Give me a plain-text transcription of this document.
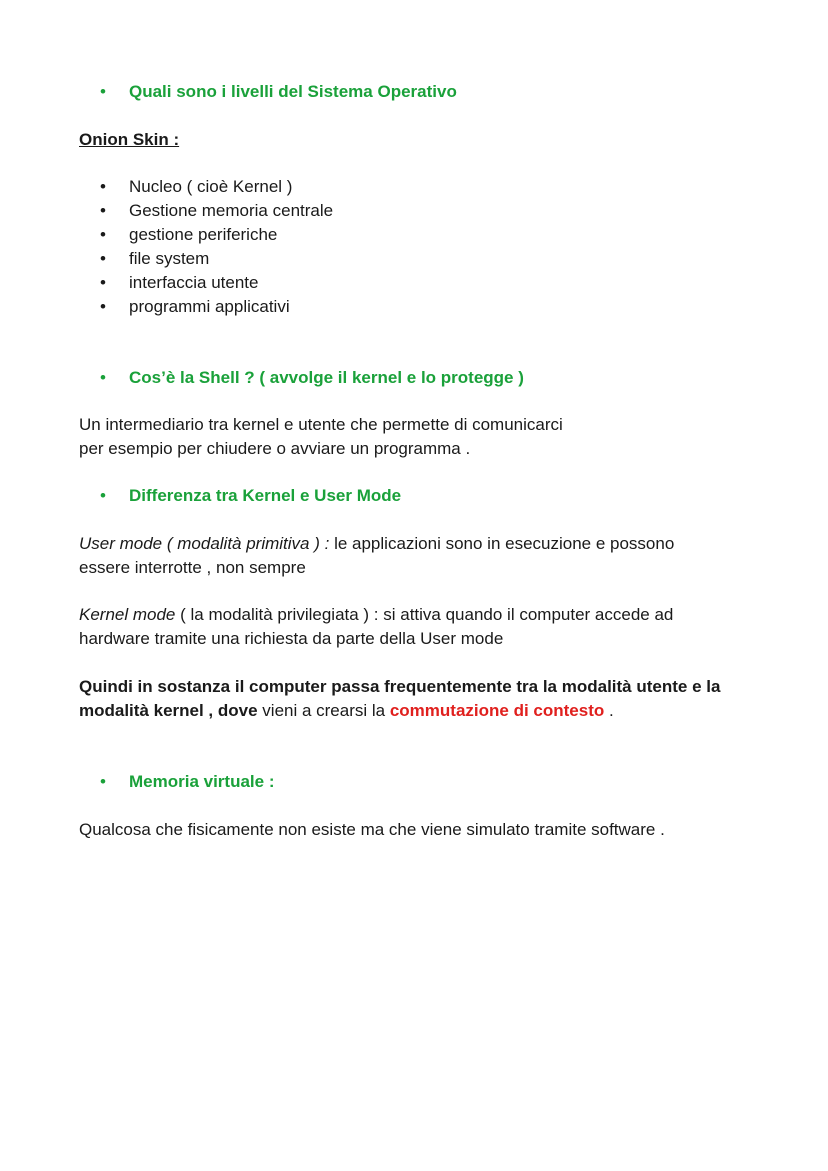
• Quali sono i livelli del Sistema Operativo
Onion Skin :
• Nucleo ( cioè Kernel )
• Gestione memoria centrale
• gestione periferiche
• file system
• interfaccia utente
• programmi applicativi
• Cos’è la Shell ? ( avvolge il kernel e lo protegge )
Un intermediario tra kernel e utente che permette di comunicarci
per esempio per chiudere o avviare un programma .
• Differenza tra Kernel e User Mode
User mode ( modalità primitiva ) : le applicazioni sono in esecuzione e possono
essere interrotte , non sempre
Kernel mode ( la modalità privilegiata ) : si attiva quando il computer accede ad
hardware tramite una richiesta da parte della User mode
Quindi in sostanza il computer passa frequentemente tra la modalità utente e la
modalità kernel , dove vieni a crearsi la commutazione di contesto .
• Memoria virtuale :
Qualcosa che fisicamente non esiste ma che viene simulato tramite software .
